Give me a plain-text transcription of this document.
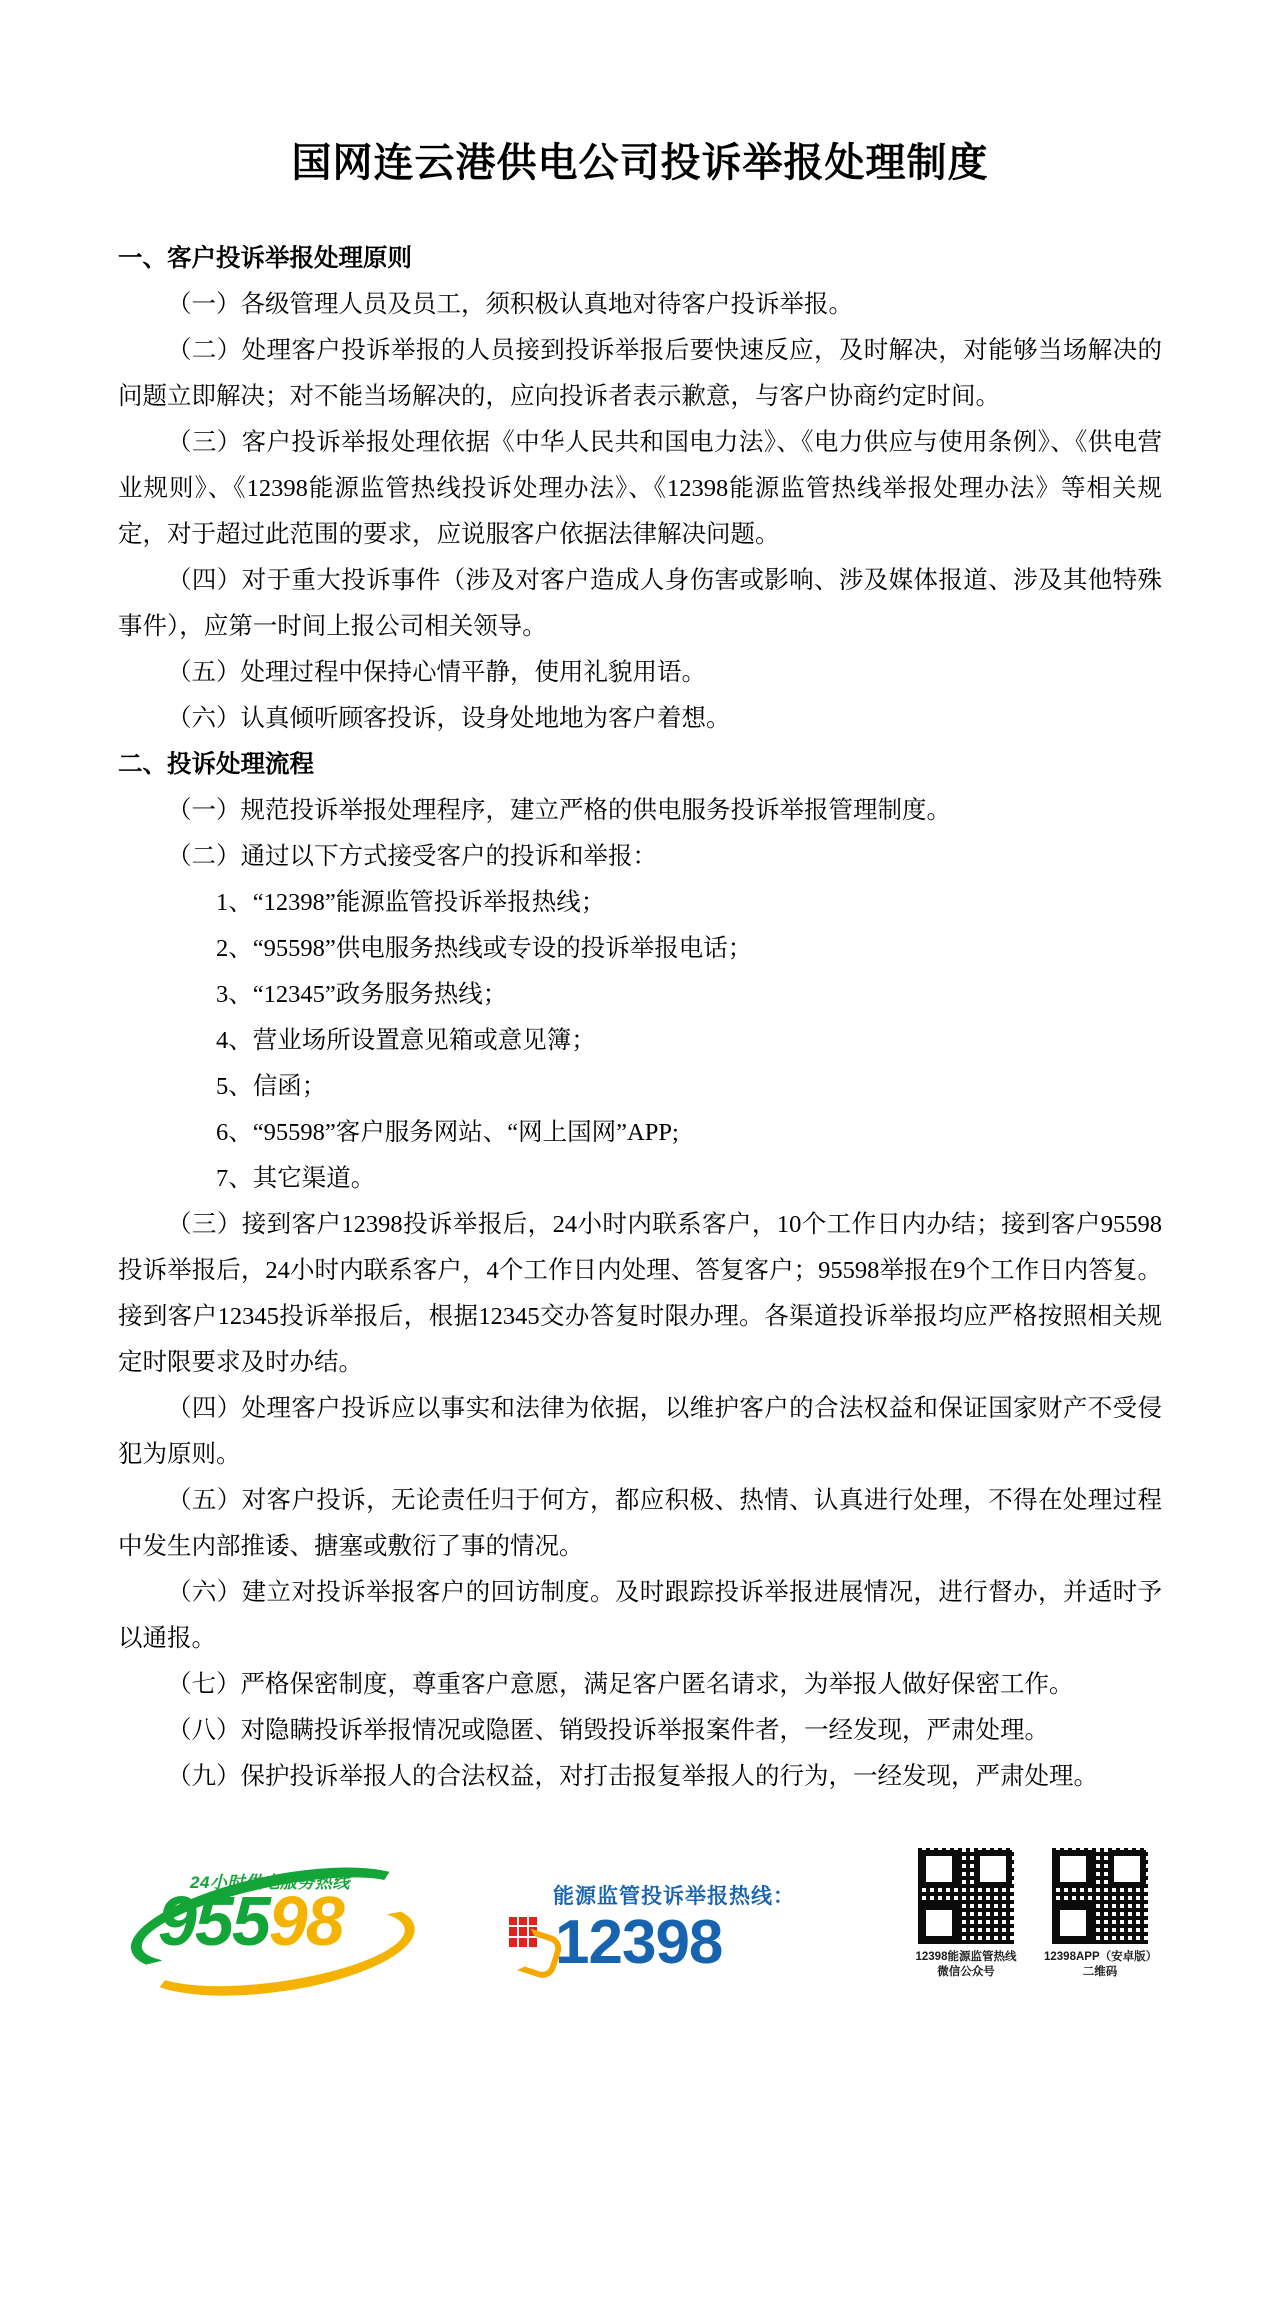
国网连云港供电公司投诉举报处理制度
一、客户投诉举报处理原则

（一）各级管理人员及员工，须积极认真地对待客户投诉举报。

（二）处理客户投诉举报的人员接到投诉举报后要快速反应，及时解决，对能够当场解决的问题立即解决；对不能当场解决的，应向投诉者表示歉意，与客户协商约定时间。

（三）客户投诉举报处理依据《中华人民共和国电力法》、《电力供应与使用条例》、《供电营业规则》、《12398能源监管热线投诉处理办法》、《12398能源监管热线举报处理办法》等相关规定，对于超过此范围的要求，应说服客户依据法律解决问题。

（四）对于重大投诉事件（涉及对客户造成人身伤害或影响、涉及媒体报道、涉及其他特殊事件），应第一时间上报公司相关领导。

（五）处理过程中保持心情平静，使用礼貌用语。

（六）认真倾听顾客投诉，设身处地地为客户着想。

二、投诉处理流程

（一）规范投诉举报处理程序，建立严格的供电服务投诉举报管理制度。

（二）通过以下方式接受客户的投诉和举报：

1、“12398”能源监管投诉举报热线；

2、“95598”供电服务热线或专设的投诉举报电话；

3、“12345”政务服务热线；

4、营业场所设置意见箱或意见簿；

5、信函；

6、“95598”客户服务网站、“网上国网”APP;

7、其它渠道。

（三）接到客户12398投诉举报后，24小时内联系客户，10个工作日内办结；接到客户95598投诉举报后，24小时内联系客户，4个工作日内处理、答复客户；95598举报在9个工作日内答复。接到客户12345投诉举报后，根据12345交办答复时限办理。各渠道投诉举报均应严格按照相关规定时限要求及时办结。

（四）处理客户投诉应以事实和法律为依据，以维护客户的合法权益和保证国家财产不受侵犯为原则。

（五）对客户投诉，无论责任归于何方，都应积极、热情、认真进行处理，不得在处理过程中发生内部推诿、搪塞或敷衍了事的情况。

（六）建立对投诉举报客户的回访制度。及时跟踪投诉举报进展情况，进行督办，并适时予以通报。

（七）严格保密制度，尊重客户意愿，满足客户匿名请求，为举报人做好保密工作。

（八）对隐瞒投诉举报情况或隐匿、销毁投诉举报案件者，一经发现，严肃处理。

（九）保护投诉举报人的合法权益，对打击报复举报人的行为，一经发现，严肃处理。

24小时供电服务热线
95598	能源监管投诉举报热线：
12398	12398能源监管热线
微信公众号
12398APP（安卓版）
二维码
